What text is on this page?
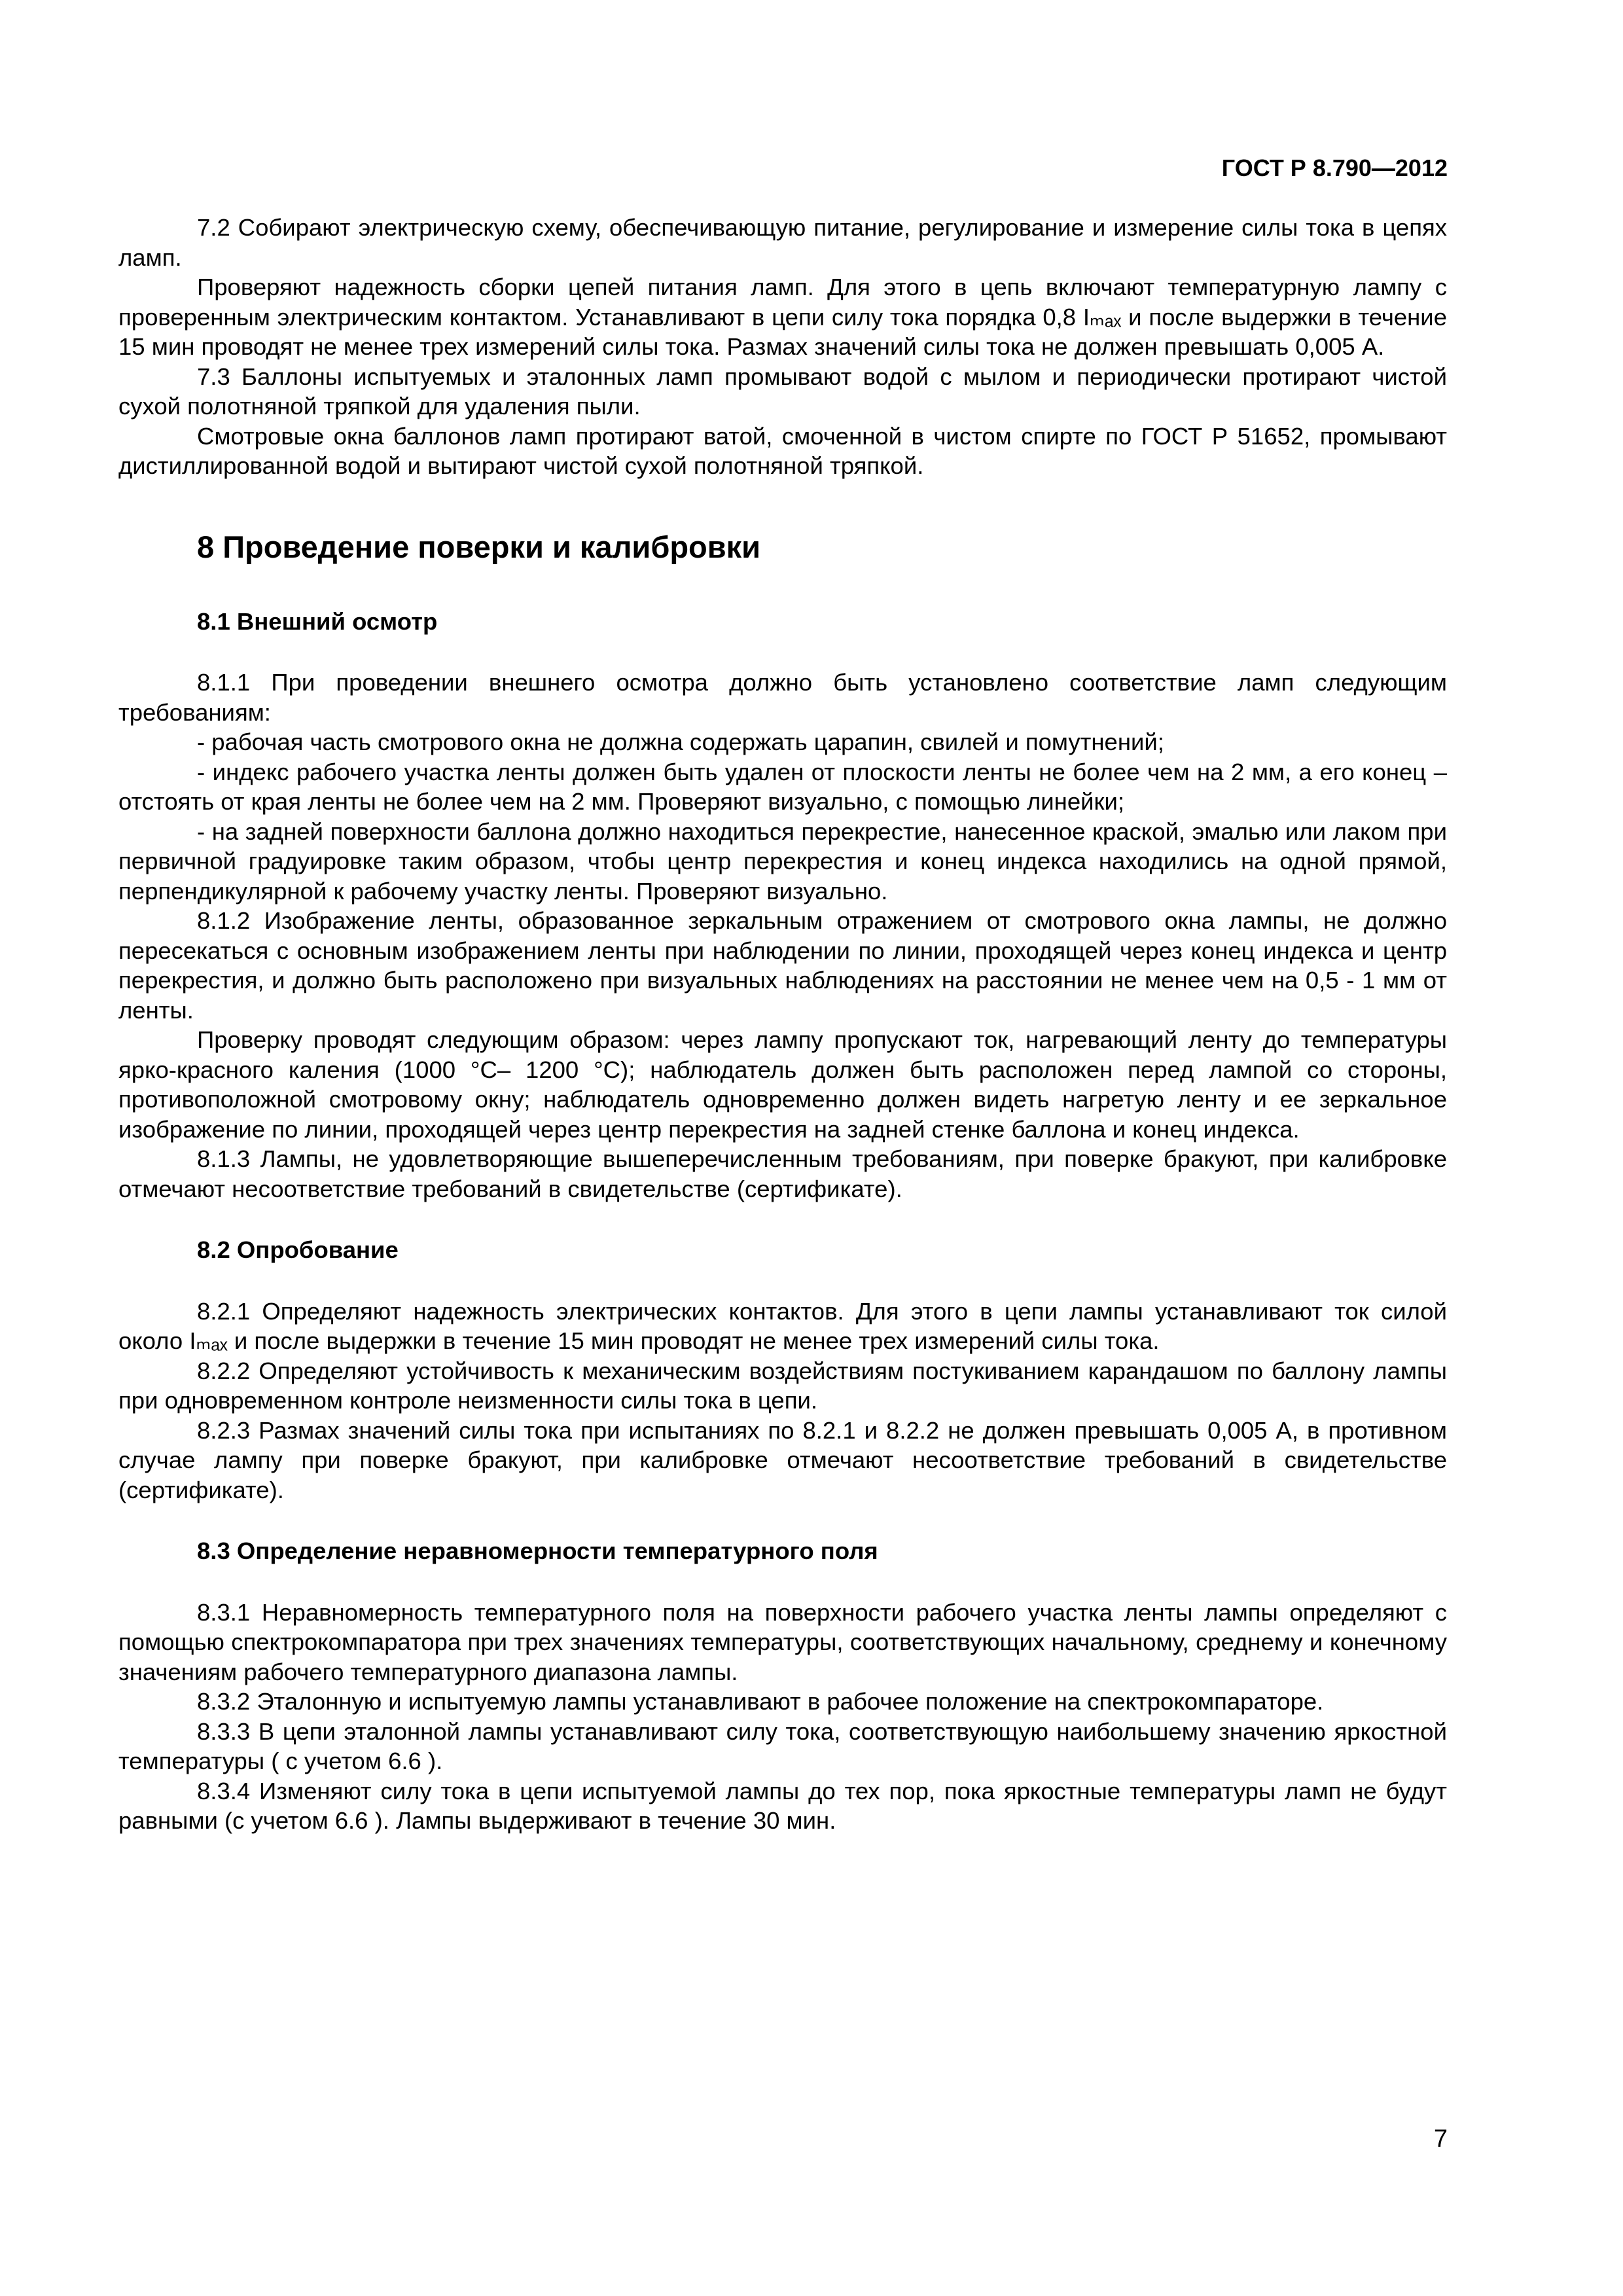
ГОСТ Р 8.790—2012

7.2 Собирают электрическую схему, обеспечивающую питание, регулирование и измерение силы тока в цепях ламп.

Проверяют надежность сборки цепей питания ламп. Для этого в цепь включают температурную лампу с проверенным электрическим контактом. Устанавливают в цепи силу тока порядка 0,8 Iₘₐₓ и после выдержки в течение 15 мин проводят не менее трех измерений силы тока. Размах значений силы тока не должен превышать 0,005 А.

7.3 Баллоны испытуемых и эталонных ламп промывают водой с мылом и периодически протирают чистой сухой полотняной тряпкой для удаления пыли.

Смотровые окна баллонов ламп протирают ватой, смоченной в чистом спирте по ГОСТ Р 51652, промывают дистиллированной водой и вытирают чистой сухой полотняной тряпкой.

8 Проведение поверки и калибровки
8.1 Внешний осмотр

8.1.1 При проведении внешнего осмотра должно быть установлено соответствие ламп следующим требованиям:

- рабочая часть смотрового окна не должна содержать царапин, свилей и помутнений;

- индекс рабочего участка ленты должен быть удален от плоскости ленты не более чем на 2 мм, а его конец – отстоять от края ленты не более чем на 2 мм. Проверяют визуально, с помощью линейки;

- на задней поверхности баллона должно находиться перекрестие, нанесенное краской, эмалью или лаком при первичной градуировке таким образом, чтобы центр перекрестия и конец индекса находились на одной прямой, перпендикулярной к рабочему участку ленты. Проверяют визуально.

8.1.2 Изображение ленты, образованное зеркальным отражением от смотрового окна лампы, не должно пересекаться с основным изображением ленты при наблюдении по линии, проходящей через конец индекса и центр перекрестия, и должно быть расположено при визуальных наблюдениях на расстоянии не менее чем на 0,5 - 1 мм от ленты.

Проверку проводят следующим образом: через лампу пропускают ток, нагревающий ленту до температуры ярко-красного каления (1000 °С– 1200 °С); наблюдатель должен быть расположен перед лампой со стороны, противоположной смотровому окну; наблюдатель одновременно должен видеть нагретую ленту и ее зеркальное изображение по линии, проходящей через центр перекрестия на задней стенке баллона и конец индекса.

8.1.3 Лампы, не удовлетворяющие вышеперечисленным требованиям, при поверке бракуют, при калибровке отмечают несоответствие требований в свидетельстве (сертификате).

8.2 Опробование

8.2.1 Определяют надежность электрических контактов. Для этого в цепи лампы устанавливают ток силой около Iₘₐₓ и после выдержки в течение 15 мин проводят не менее трех измерений силы тока.

8.2.2 Определяют устойчивость к механическим воздействиям постукиванием карандашом по баллону лампы при одновременном контроле неизменности силы тока в цепи.

8.2.3 Размах значений силы тока при испытаниях по 8.2.1 и 8.2.2 не должен превышать 0,005 А, в противном случае лампу при поверке бракуют, при калибровке отмечают несоответствие требований в свидетельстве (сертификате).

8.3 Определение неравномерности температурного поля

8.3.1 Неравномерность температурного поля на поверхности рабочего участка ленты лампы определяют с помощью спектрокомпаратора при трех значениях температуры, соответствующих начальному, среднему и конечному значениям рабочего температурного диапазона лампы.

8.3.2 Эталонную и испытуемую лампы устанавливают в рабочее положение на спектрокомпараторе.

8.3.3 В цепи эталонной лампы устанавливают силу тока, соответствующую наибольшему значению яркостной температуры ( с учетом 6.6 ).

8.3.4 Изменяют силу тока в цепи испытуемой лампы до тех пор, пока яркостные температуры ламп не будут равными (с учетом 6.6 ). Лампы выдерживают в течение 30 мин.

7
